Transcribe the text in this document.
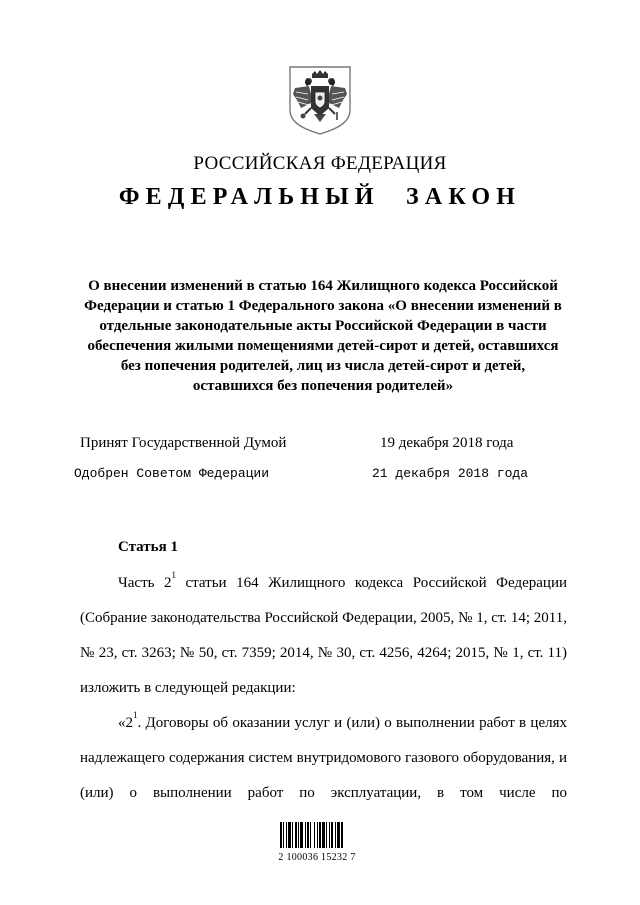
РОССИЙСКАЯ ФЕДЕРАЦИЯ
ФЕДЕРАЛЬНЫЙ ЗАКОН
О внесении изменений в статью 164 Жилищного кодекса Российской
Федерации и статью 1 Федерального закона «О внесении изменений в
отдельные законодательные акты Российской Федерации в части
обеспечения жилыми помещениями детей-сирот и детей, оставшихся
без попечения родителей, лиц из числа детей-сирот и детей,
оставшихся без попечения родителей»
Принят Государственной Думой	19 декабря 2018 года
Одобрен Советом Федерации	21 декабря 2018 года
Статья 1
Часть $2^1$ статьи 164 Жилищного кодекса Российской Федерации (Собрание законодательства Российской Федерации, 2005, № 1, ст. 14; 2011, № 23, ст. 3263; № 50, ст. 7359; 2014, № 30, ст. 4256, 4264; 2015, № 1, ст. 11) изложить в следующей редакции:
«$2^1$. Договоры об оказании услуг и (или) о выполнении работ в целях надлежащего содержания систем внутридомового газового оборудования, и (или) о выполнении работ по эксплуатации, в том числе по
2 100036 15232 7
